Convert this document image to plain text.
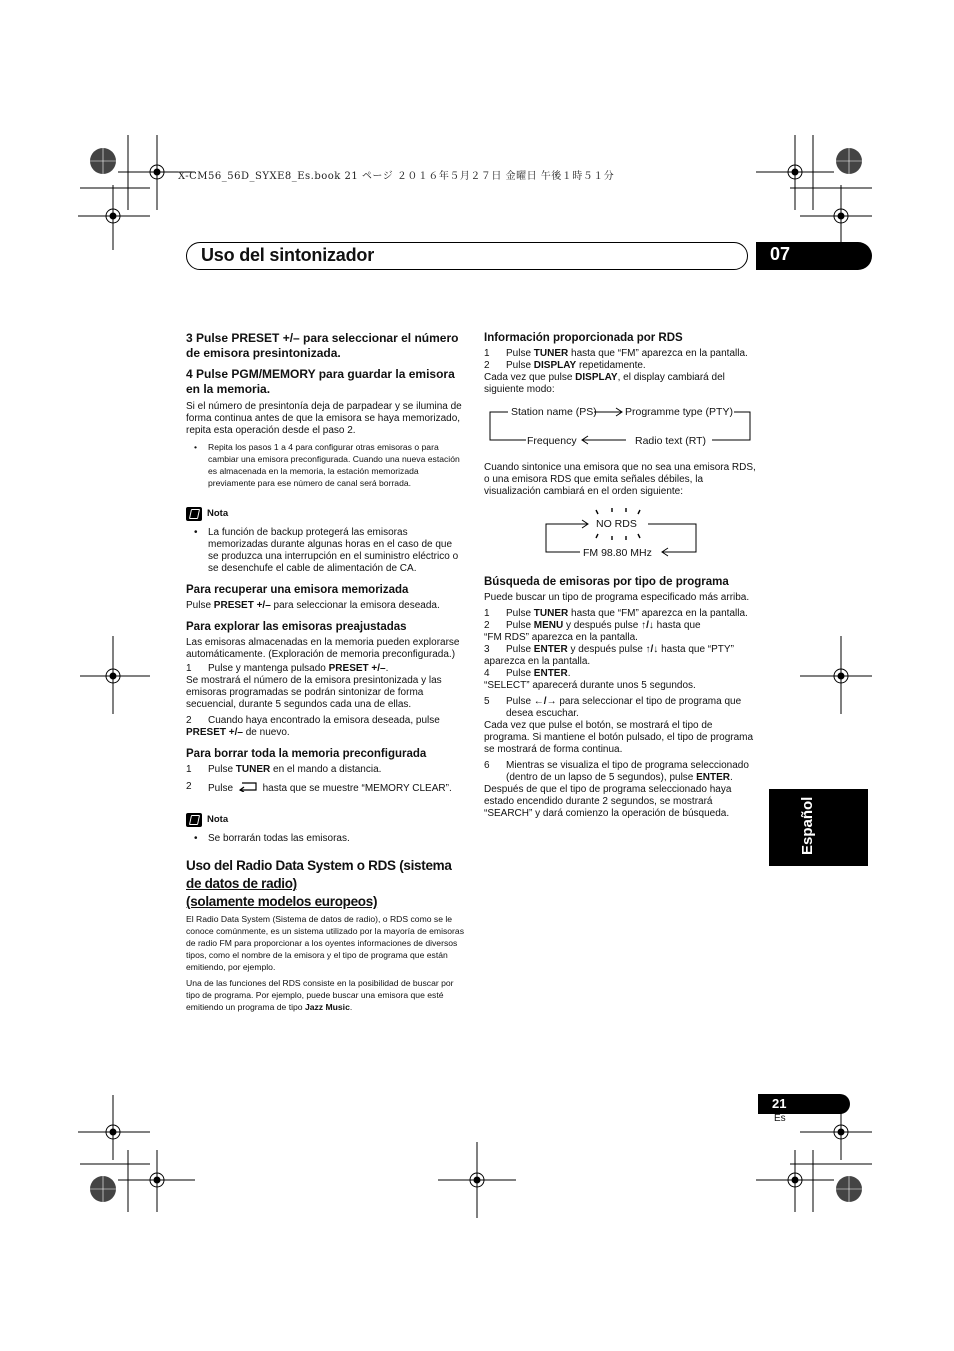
X-CM56_56D_SYXE8_Es.book 21 ページ ２０１６年５月２７日 金曜日 午後１時５１分
Uso del sintonizador	07
3 Pulse PRESET +/– para seleccionar el número de emisora presintonizada.
4 Pulse PGM/MEMORY para guardar la emisora en la memoria.

Si el número de presintonía deja de parpadear y se ilumina de forma continua antes de que la emisora se haya memorizado, repita esta operación desde el paso 2.

•	Repita los pasos 1 a 4 para configurar otras emisoras o para cambiar una emisora preconfigurada. Cuando una nueva estación es almacenada en la memoria, la estación memorizada previamente para ese número de canal será borrada.
Nota
•	La función de backup protegerá las emisoras memorizadas durante algunas horas en el caso de que se produzca una interrupción en el suministro eléctrico o se desenchufe el cable de alimentación de CA.
Para recuperar una emisora memorizada

Pulse PRESET +/– para seleccionar la emisora deseada.

Para explorar las emisoras preajustadas

Las emisoras almacenadas en la memoria pueden explorarse automáticamente. (Exploración de memoria preconfigurada.)

1	Pulse y mantenga pulsado PRESET +/–.

Se mostrará el número de la emisora presintonizada y las emisoras programadas se podrán sintonizar de forma secuencial, durante 5 segundos cada una de ellas.

2	Cuando haya encontrado la emisora deseada, pulse

PRESET +/– de nuevo.

Para borrar toda la memoria preconfigurada
1	Pulse TUNER en el mando a distancia.
2	Pulse  hasta que se muestre “MEMORY CLEAR”.
Nota
•	Se borrarán todas las emisoras.
Uso del Radio Data System o RDS (sistema
de datos de radio)
(solamente modelos europeos)

El Radio Data System (Sistema de datos de radio), o RDS como se le conoce comúnmente, es un sistema utilizado por la mayoría de emisoras de radio FM para proporcionar a los oyentes informaciones de diversos tipos, como el nombre de la emisora y el tipo de programa que están emitiendo, por ejemplo.

Una de las funciones del RDS consiste en la posibilidad de buscar por tipo de programa. Por ejemplo, puede buscar una emisora que esté emitiendo un programa de tipo Jazz Music.

Información proporcionada por RDS
1	Pulse TUNER hasta que “FM” aparezca en la pantalla.
2	Pulse DISPLAY repetidamente.

Cada vez que pulse DISPLAY, el display cambiará del siguiente modo:

Station name (PS)	Programme type (PTY)
Frequency	Radio text (RT)

Cuando sintonice una emisora que no sea una emisora RDS, o una emisora RDS que emita señales débiles, la visualización cambiará en el orden siguiente:

NO RDS
FM 98.80 MHz
Búsqueda de emisoras por tipo de programa

Puede buscar un tipo de programa especificado más arriba.

1	Pulse TUNER hasta que “FM” aparezca en la pantalla.
2	Pulse MENU y después pulse ↑/↓ hasta que
“FM RDS” aparezca en la pantalla.
3	Pulse ENTER y después pulse ↑/↓ hasta que “PTY”
aparezca en la pantalla.
4	Pulse ENTER.

“SELECT” aparecerá durante unos 5 segundos.

5	Pulse ←/→ para seleccionar el tipo de programa que desea escuchar.

Cada vez que pulse el botón, se mostrará el tipo de programa. Si mantiene el botón pulsado, el tipo de programa se mostrará de forma continua.

6	Mientras se visualiza el tipo de programa seleccionado (dentro de un lapso de 5 segundos), pulse ENTER.

Después de que el tipo de programa seleccionado haya estado encendido durante 2 segundos, se mostrará “SEARCH” y dará comienzo la operación de búsqueda.	Español
21
Es
